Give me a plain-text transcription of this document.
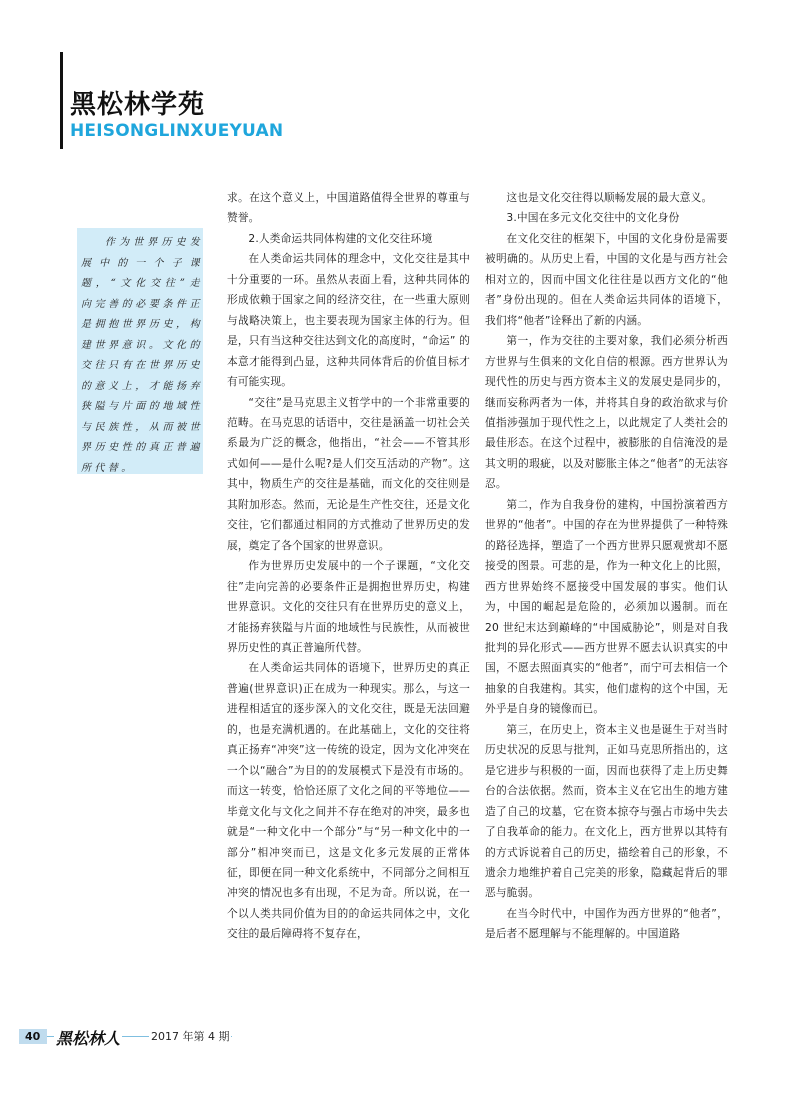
黑松林学苑
HEISONGLINXUEYUAN

作为世界历史发展中的一个子课题，“文化交往”走向完善的必要条件正是拥抱世界历史，构建世界意识。文化的交往只有在世界历史的意义上，才能扬弃狭隘与片面的地域性与民族性，从而被世界历史性的真正普遍所代替。

求。在这个意义上，中国道路值得全世界的尊重与赞誉。

2.人类命运共同体构建的文化交往环境

在人类命运共同体的理念中，文化交往是其中十分重要的一环。虽然从表面上看，这种共同体的形成依赖于国家之间的经济交往，在一些重大原则与战略决策上，也主要表现为国家主体的行为。但是，只有当这种交往达到文化的高度时，“命运” 的本意才能得到凸显，这种共同体背后的价值目标才有可能实现。

“交往”是马克思主义哲学中的一个非常重要的范畴。在马克思的话语中，交往是涵盖一切社会关系最为广泛的概念，他指出，“社会——不管其形式如何——是什么呢?是人们交互活动的产物”。这其中，物质生产的交往是基础，而文化的交往则是其附加形态。然而，无论是生产性交往，还是文化交往，它们都通过相同的方式推动了世界历史的发展，奠定了各个国家的世界意识。

作为世界历史发展中的一个子课题，“文化交往”走向完善的必要条件正是拥抱世界历史，构建世界意识。文化的交往只有在世界历史的意义上，才能扬弃狭隘与片面的地域性与民族性，从而被世界历史性的真正普遍所代替。

在人类命运共同体的语境下，世界历史的真正普遍(世界意识)正在成为一种现实。那么，与这一进程相适宜的逐步深入的文化交往，既是无法回避的，也是充满机遇的。在此基础上，文化的交往将真正扬弃“冲突”这一传统的设定，因为文化冲突在一个以“融合”为目的的发展模式下是没有市场的。而这一转变，恰恰还原了文化之间的平等地位——毕竟文化与文化之间并不存在绝对的冲突，最多也就是“一种文化中一个部分”与“另一种文化中的一部分”相冲突而已，这是文化多元发展的正常体征，即便在同一种文化系统中，不同部分之间相互冲突的情况也多有出现，不足为奇。所以说，在一个以人类共同价值为目的的命运共同体之中，文化交往的最后障碍将不复存在，

这也是文化交往得以顺畅发展的最大意义。

3.中国在多元文化交往中的文化身份

在文化交往的框架下，中国的文化身份是需要被明确的。从历史上看，中国的文化是与西方社会相对立的，因而中国文化往往是以西方文化的“他者”身份出现的。但在人类命运共同体的语境下，我们将“他者”诠释出了新的内涵。

第一，作为交往的主要对象，我们必须分析西方世界与生俱来的文化自信的根源。西方世界认为现代性的历史与西方资本主义的发展史是同步的，继而妄称两者为一体，并将其自身的政治欲求与价值指涉强加于现代性之上，以此规定了人类社会的最佳形态。在这个过程中，被膨胀的自信淹没的是其文明的瑕疵，以及对膨胀主体之“他者”的无法容忍。

第二，作为自我身份的建构，中国扮演着西方世界的“他者”。中国的存在为世界提供了一种特殊的路径选择，塑造了一个西方世界只愿观赏却不愿接受的图景。可悲的是，作为一种文化上的比照，西方世界始终不愿接受中国发展的事实。他们认为，中国的崛起是危险的，必须加以遏制。而在 20 世纪末达到巅峰的“中国威胁论”，则是对自我批判的异化形式——西方世界不愿去认识真实的中国，不愿去照面真实的“他者”，而宁可去相信一个抽象的自我建构。其实，他们虚构的这个中国，无外乎是自身的镜像而已。

第三，在历史上，资本主义也是诞生于对当时历史状况的反思与批判，正如马克思所指出的，这是它进步与积极的一面，因而也获得了走上历史舞台的合法依据。然而，资本主义在它出生的地方建造了自己的坟墓，它在资本掠夺与强占市场中失去了自我革命的能力。在文化上，西方世界以其特有的方式诉说着自己的历史，描绘着自己的形象，不遗余力地维护着自己完美的形象，隐藏起背后的罪恶与脆弱。

在当今时代中，中国作为西方世界的“他者”，是后者不愿理解与不能理解的。中国道路

40 黑松林人	2017 年第 4 期
